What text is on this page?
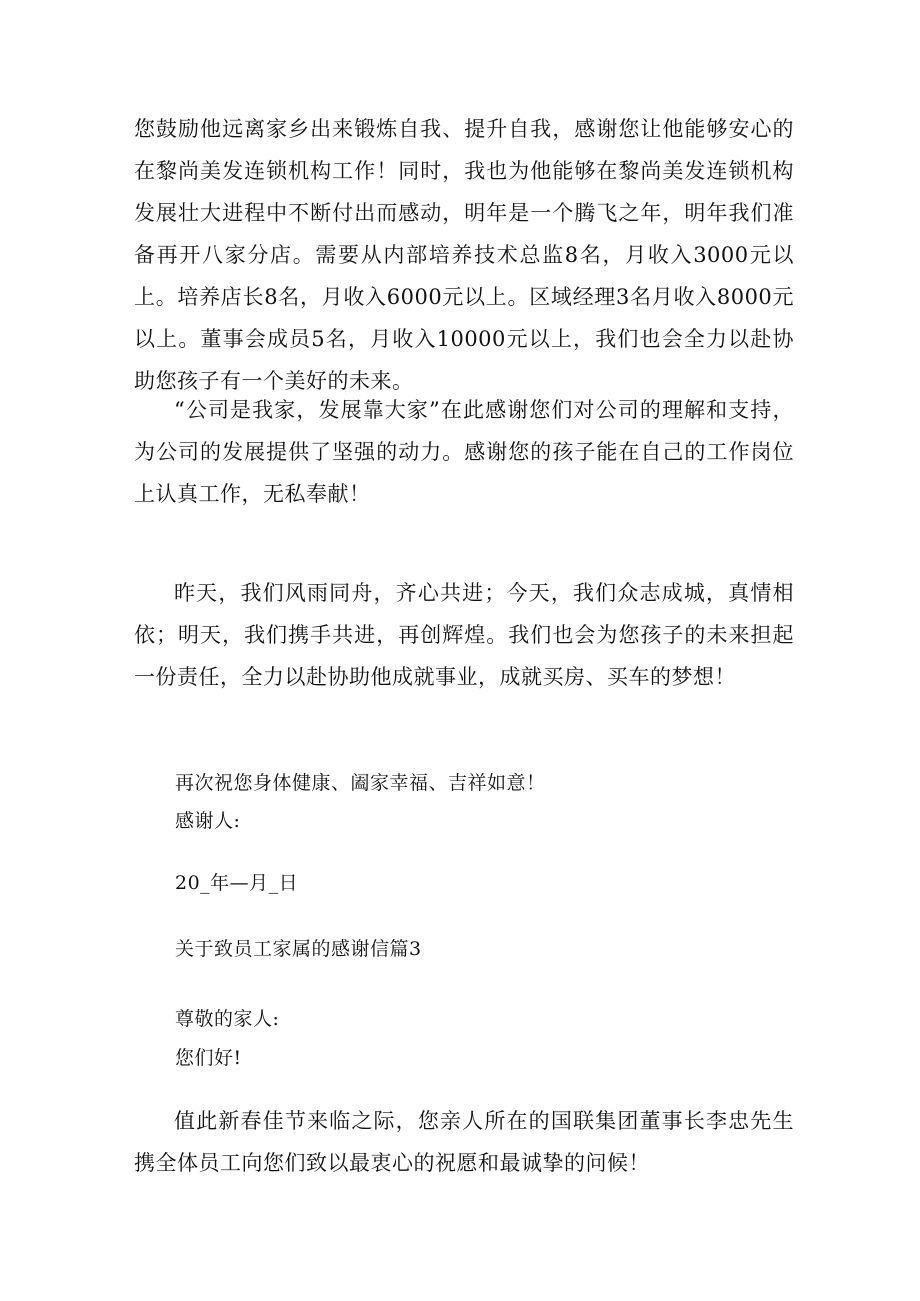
您鼓励他远离家乡出来锻炼自我、提升自我，感谢您让他能够安心的在黎尚美发连锁机构工作！同时，我也为他能够在黎尚美发连锁机构发展壮大进程中不断付出而感动，明年是一个腾飞之年，明年我们准备再开八家分店。需要从内部培养技术总监8名，月收入3000元以上。培养店长8名，月收入6000元以上。区域经理3名月收入8000元以上。董事会成员5名，月收入10000元以上，我们也会全力以赴协助您孩子有一个美好的未来。

“公司是我家，发展靠大家”在此感谢您们对公司的理解和支持，为公司的发展提供了坚强的动力。感谢您的孩子能在自己的工作岗位上认真工作，无私奉献！

昨天，我们风雨同舟，齐心共进；今天，我们众志成城，真情相依；明天，我们携手共进，再创辉煌。我们也会为您孩子的未来担起一份责任，全力以赴协助他成就事业，成就买房、买车的梦想！

再次祝您身体健康、阖家幸福、吉祥如意！

感谢人:

20_年—月_日

关于致员工家属的感谢信篇3

尊敬的家人:

您们好!

值此新春佳节来临之际，您亲人所在的国联集团董事长李忠先生携全体员工向您们致以最衷心的祝愿和最诚挚的问候！
